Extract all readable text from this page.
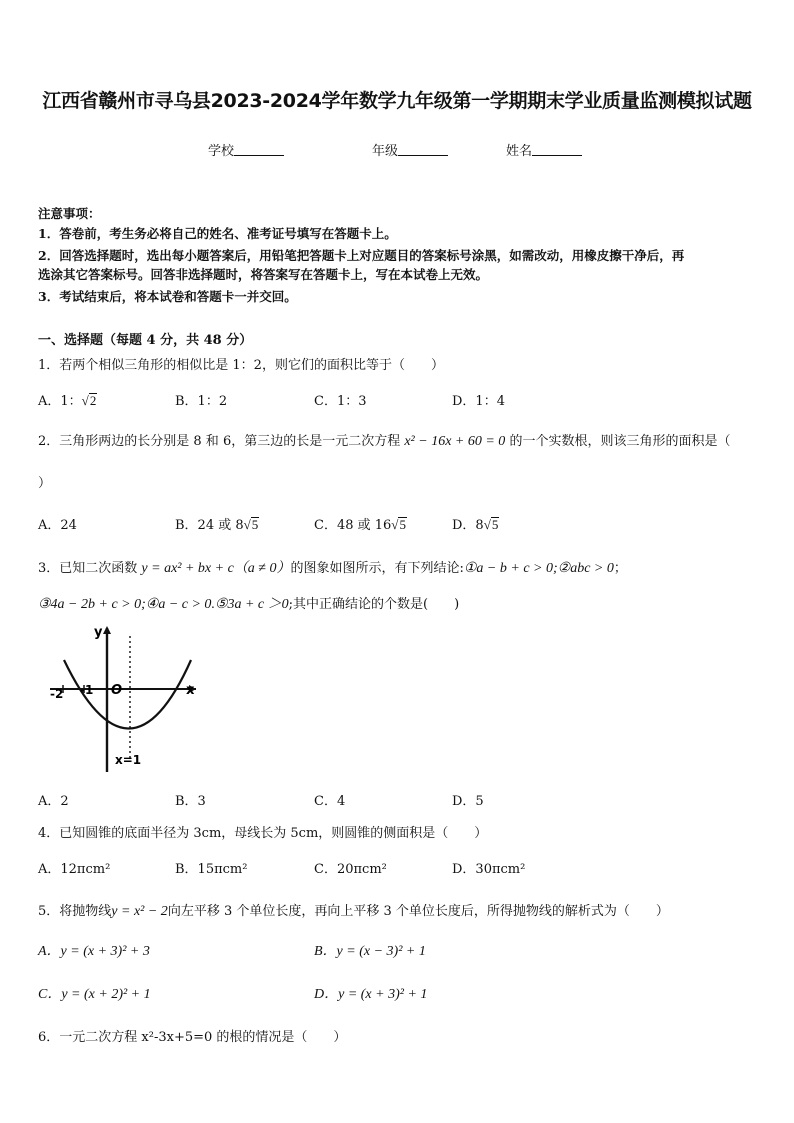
江西省赣州市寻乌县2023-2024学年数学九年级第一学期期末学业质量监测模拟试题
学校	年级	姓名
注意事项：
1．答卷前，考生务必将自己的姓名、准考证号填写在答题卡上。
2．回答选择题时，选出每小题答案后，用铅笔把答题卡上对应题目的答案标号涂黑，如需改动，用橡皮擦干净后，再
选涂其它答案标号。回答非选择题时，将答案写在答题卡上，写在本试卷上无效。
3．考试结束后，将本试卷和答题卡一并交回。
一、选择题（每题 4 分，共 48 分）
1．若两个相似三角形的相似比是 1：2，则它们的面积比等于（　　）
A．1：√2	B．1：2	C．1：3	D．1：4
2．三角形两边的长分别是 8 和 6，第三边的长是一元二次方程 x² − 16x + 60 = 0 的一个实数根，则该三角形的面积是（
）
A．24	B．24 或 8√5	C．48 或 16√5	D．8√5
3．已知二次函数 y = ax² + bx + c（a ≠ 0）的图象如图所示，有下列结论:①a − b + c > 0;②abc > 0；
③4a − 2b + c > 0;④a − c > 0.⑤3a + c ＞0;其中正确结论的个数是(　　)
y
x
O
-2 -1
x=1
A．2	B．3	C．4	D．5
4．已知圆锥的底面半径为 3cm，母线长为 5cm，则圆锥的侧面积是（　　）
A．12πcm²	B．15πcm²	C．20πcm²	D．30πcm²
5．将抛物线y = x² − 2向左平移 3 个单位长度，再向上平移 3 个单位长度后，所得抛物线的解析式为（　　）
A．y = (x + 3)² + 3	B．y = (x − 3)² + 1
C．y = (x + 2)² + 1	D．y = (x + 3)² + 1
6．一元二次方程 x²-3x+5=0 的根的情况是（　　）
